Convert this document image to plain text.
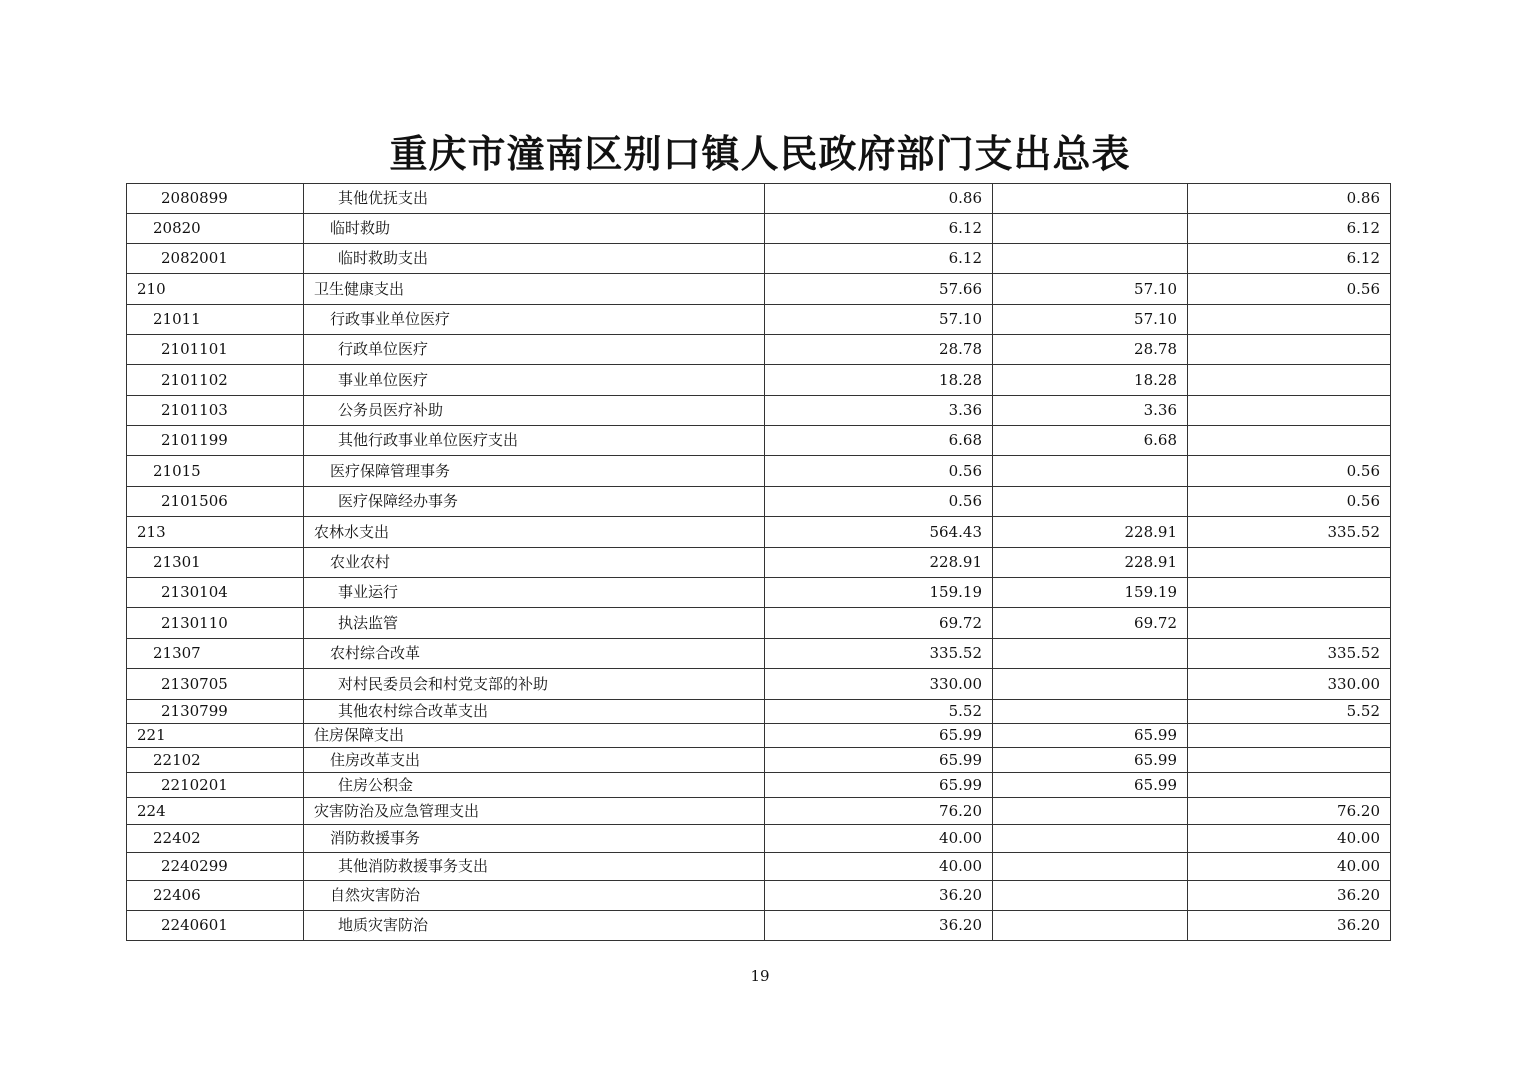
重庆市潼南区别口镇人民政府部门支出总表
2080899	其他优抚支出	0.86		0.86
20820	临时救助	6.12		6.12
2082001	临时救助支出	6.12		6.12
210	卫生健康支出	57.66	57.10	0.56
21011	行政事业单位医疗	57.10	57.10	
2101101	行政单位医疗	28.78	28.78	
2101102	事业单位医疗	18.28	18.28	
2101103	公务员医疗补助	3.36	3.36	
2101199	其他行政事业单位医疗支出	6.68	6.68	
21015	医疗保障管理事务	0.56		0.56
2101506	医疗保障经办事务	0.56		0.56
213	农林水支出	564.43	228.91	335.52
21301	农业农村	228.91	228.91	
2130104	事业运行	159.19	159.19	
2130110	执法监管	69.72	69.72	
21307	农村综合改革	335.52		335.52
2130705	对村民委员会和村党支部的补助	330.00		330.00
2130799	其他农村综合改革支出	5.52		5.52
221	住房保障支出	65.99	65.99	
22102	住房改革支出	65.99	65.99	
2210201	住房公积金	65.99	65.99	
224	灾害防治及应急管理支出	76.20		76.20
22402	消防救援事务	40.00		40.00
2240299	其他消防救援事务支出	40.00		40.00
22406	自然灾害防治	36.20		36.20
2240601	地质灾害防治	36.20		36.20
19
